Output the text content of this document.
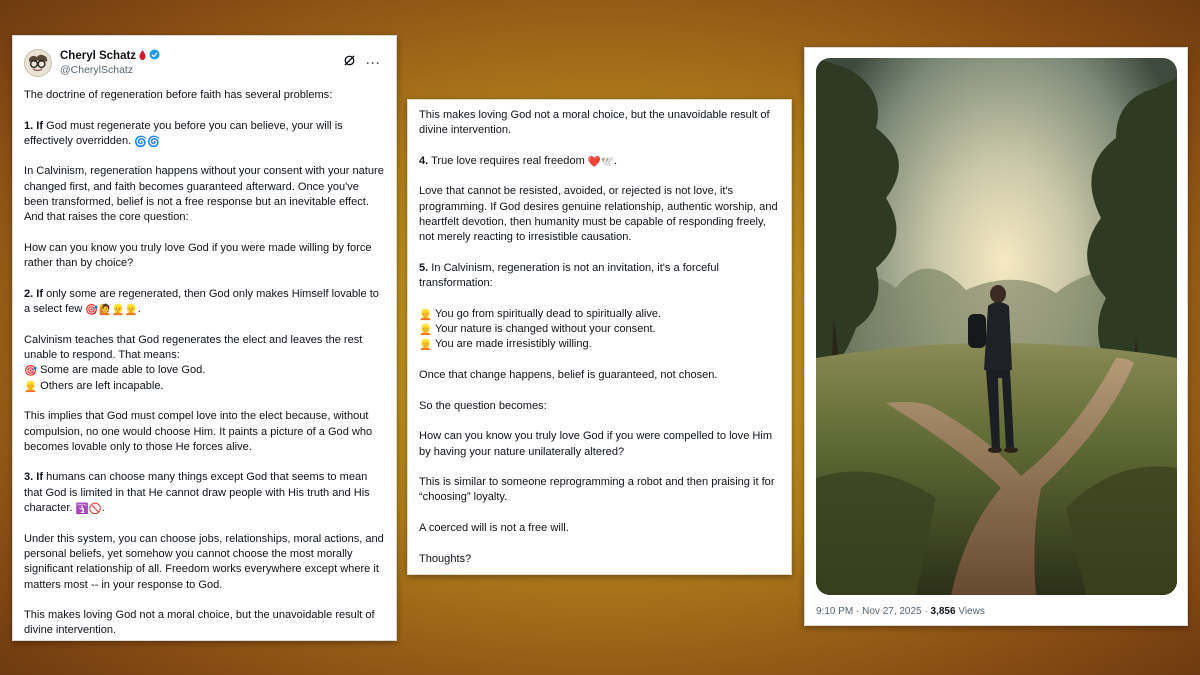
Cheryl Schatz
@CherylSchatz	···

The doctrine of regeneration before faith has several problems:

1. If God must regenerate you before you can believe, your will is effectively overridden. 🌀🌀

In Calvinism, regeneration happens without your consent with your nature changed first, and faith becomes guaranteed afterward. Once you've been transformed, belief is not a free response but an inevitable effect. And that raises the core question:

How can you know you truly love God if you were made willing by force rather than by choice?

2. If only some are regenerated, then God only makes Himself lovable to a select few 🎯🙋👱👱.

Calvinism teaches that God regenerates the elect and leaves the rest unable to respond. That means:
🎯 Some are made able to love God.
👱 Others are left incapable.

This implies that God must compel love into the elect because, without compulsion, no one would choose Him. It paints a picture of a God who becomes lovable only to those He forces alive.

3. If humans can choose many things except God that seems to mean that God is limited in that He cannot draw people with His truth and His character. 🛐🚫.

Under this system, you can choose jobs, relationships, moral actions, and personal beliefs, yet somehow you cannot choose the most morally significant relationship of all. Freedom works everywhere except where it matters most -- in your response to God.

This makes loving God not a moral choice, but the unavoidable result of divine intervention.

This makes loving God not a moral choice, but the unavoidable result of divine intervention.

4. True love requires real freedom ❤️🕊️.

Love that cannot be resisted, avoided, or rejected is not love, it's programming. If God desires genuine relationship, authentic worship, and heartfelt devotion, then humanity must be capable of responding freely, not merely reacting to irresistible causation.

5. In Calvinism, regeneration is not an invitation, it's a forceful transformation:

👱 You go from spiritually dead to spiritually alive.
👱 Your nature is changed without your consent.
👱 You are made irresistibly willing.

Once that change happens, belief is guaranteed, not chosen.

So the question becomes:

How can you know you truly love God if you were compelled to love Him by having your nature unilaterally altered?

This is similar to someone reprogramming a robot and then praising it for “choosing” loyalty.

A coerced will is not a free will.

Thoughts?

9:10 PM · Nov 27, 2025 · 3,856 Views
